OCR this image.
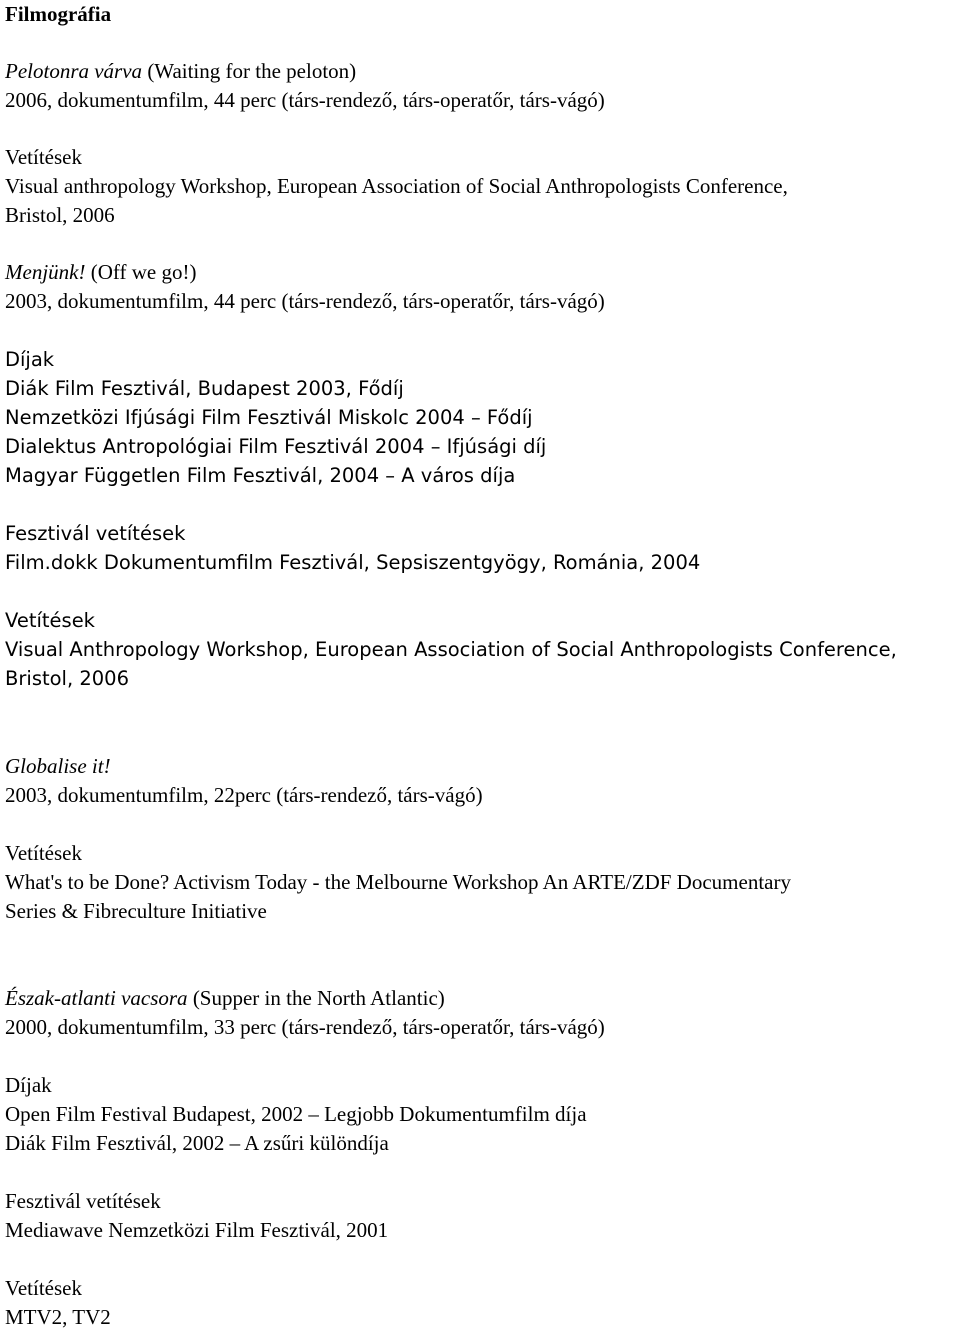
Filmográfia
Pelotonra várva (Waiting for the peloton)
2006, dokumentumfilm, 44 perc (társ-rendező, társ-operatőr, társ-vágó)
Vetítések
Visual anthropology Workshop, European Association of Social Anthropologists Conference,
Bristol, 2006
Menjünk! (Off we go!)
2003, dokumentumfilm, 44 perc (társ-rendező, társ-operatőr, társ-vágó)
Díjak
Diák Film Fesztivál, Budapest 2003, Fődíj
Nemzetközi Ifjúsági Film Fesztivál Miskolc 2004 – Fődíj
Dialektus Antropológiai Film Fesztivál 2004 – Ifjúsági díj
Magyar Független Film Fesztivál, 2004 – A város díja
Fesztivál vetítések
Film.dokk Dokumentumfilm Fesztivál, Sepsiszentgyögy, Románia, 2004
Vetítések
Visual Anthropology Workshop, European Association of Social Anthropologists Conference,
Bristol, 2006
Globalise it!
2003, dokumentumfilm, 22perc (társ-rendező, társ-vágó)
Vetítések
What's to be Done? Activism Today - the Melbourne Workshop An ARTE/ZDF Documentary
Series & Fibreculture Initiative
Észak-atlanti vacsora (Supper in the North Atlantic)
2000, dokumentumfilm, 33 perc (társ-rendező, társ-operatőr, társ-vágó)
Díjak
Open Film Festival Budapest, 2002 – Legjobb Dokumentumfilm díja
Diák Film Fesztivál, 2002 – A zsűri különdíja
Fesztivál vetítések
Mediawave Nemzetközi Film Fesztivál, 2001
Vetítések
MTV2, TV2
